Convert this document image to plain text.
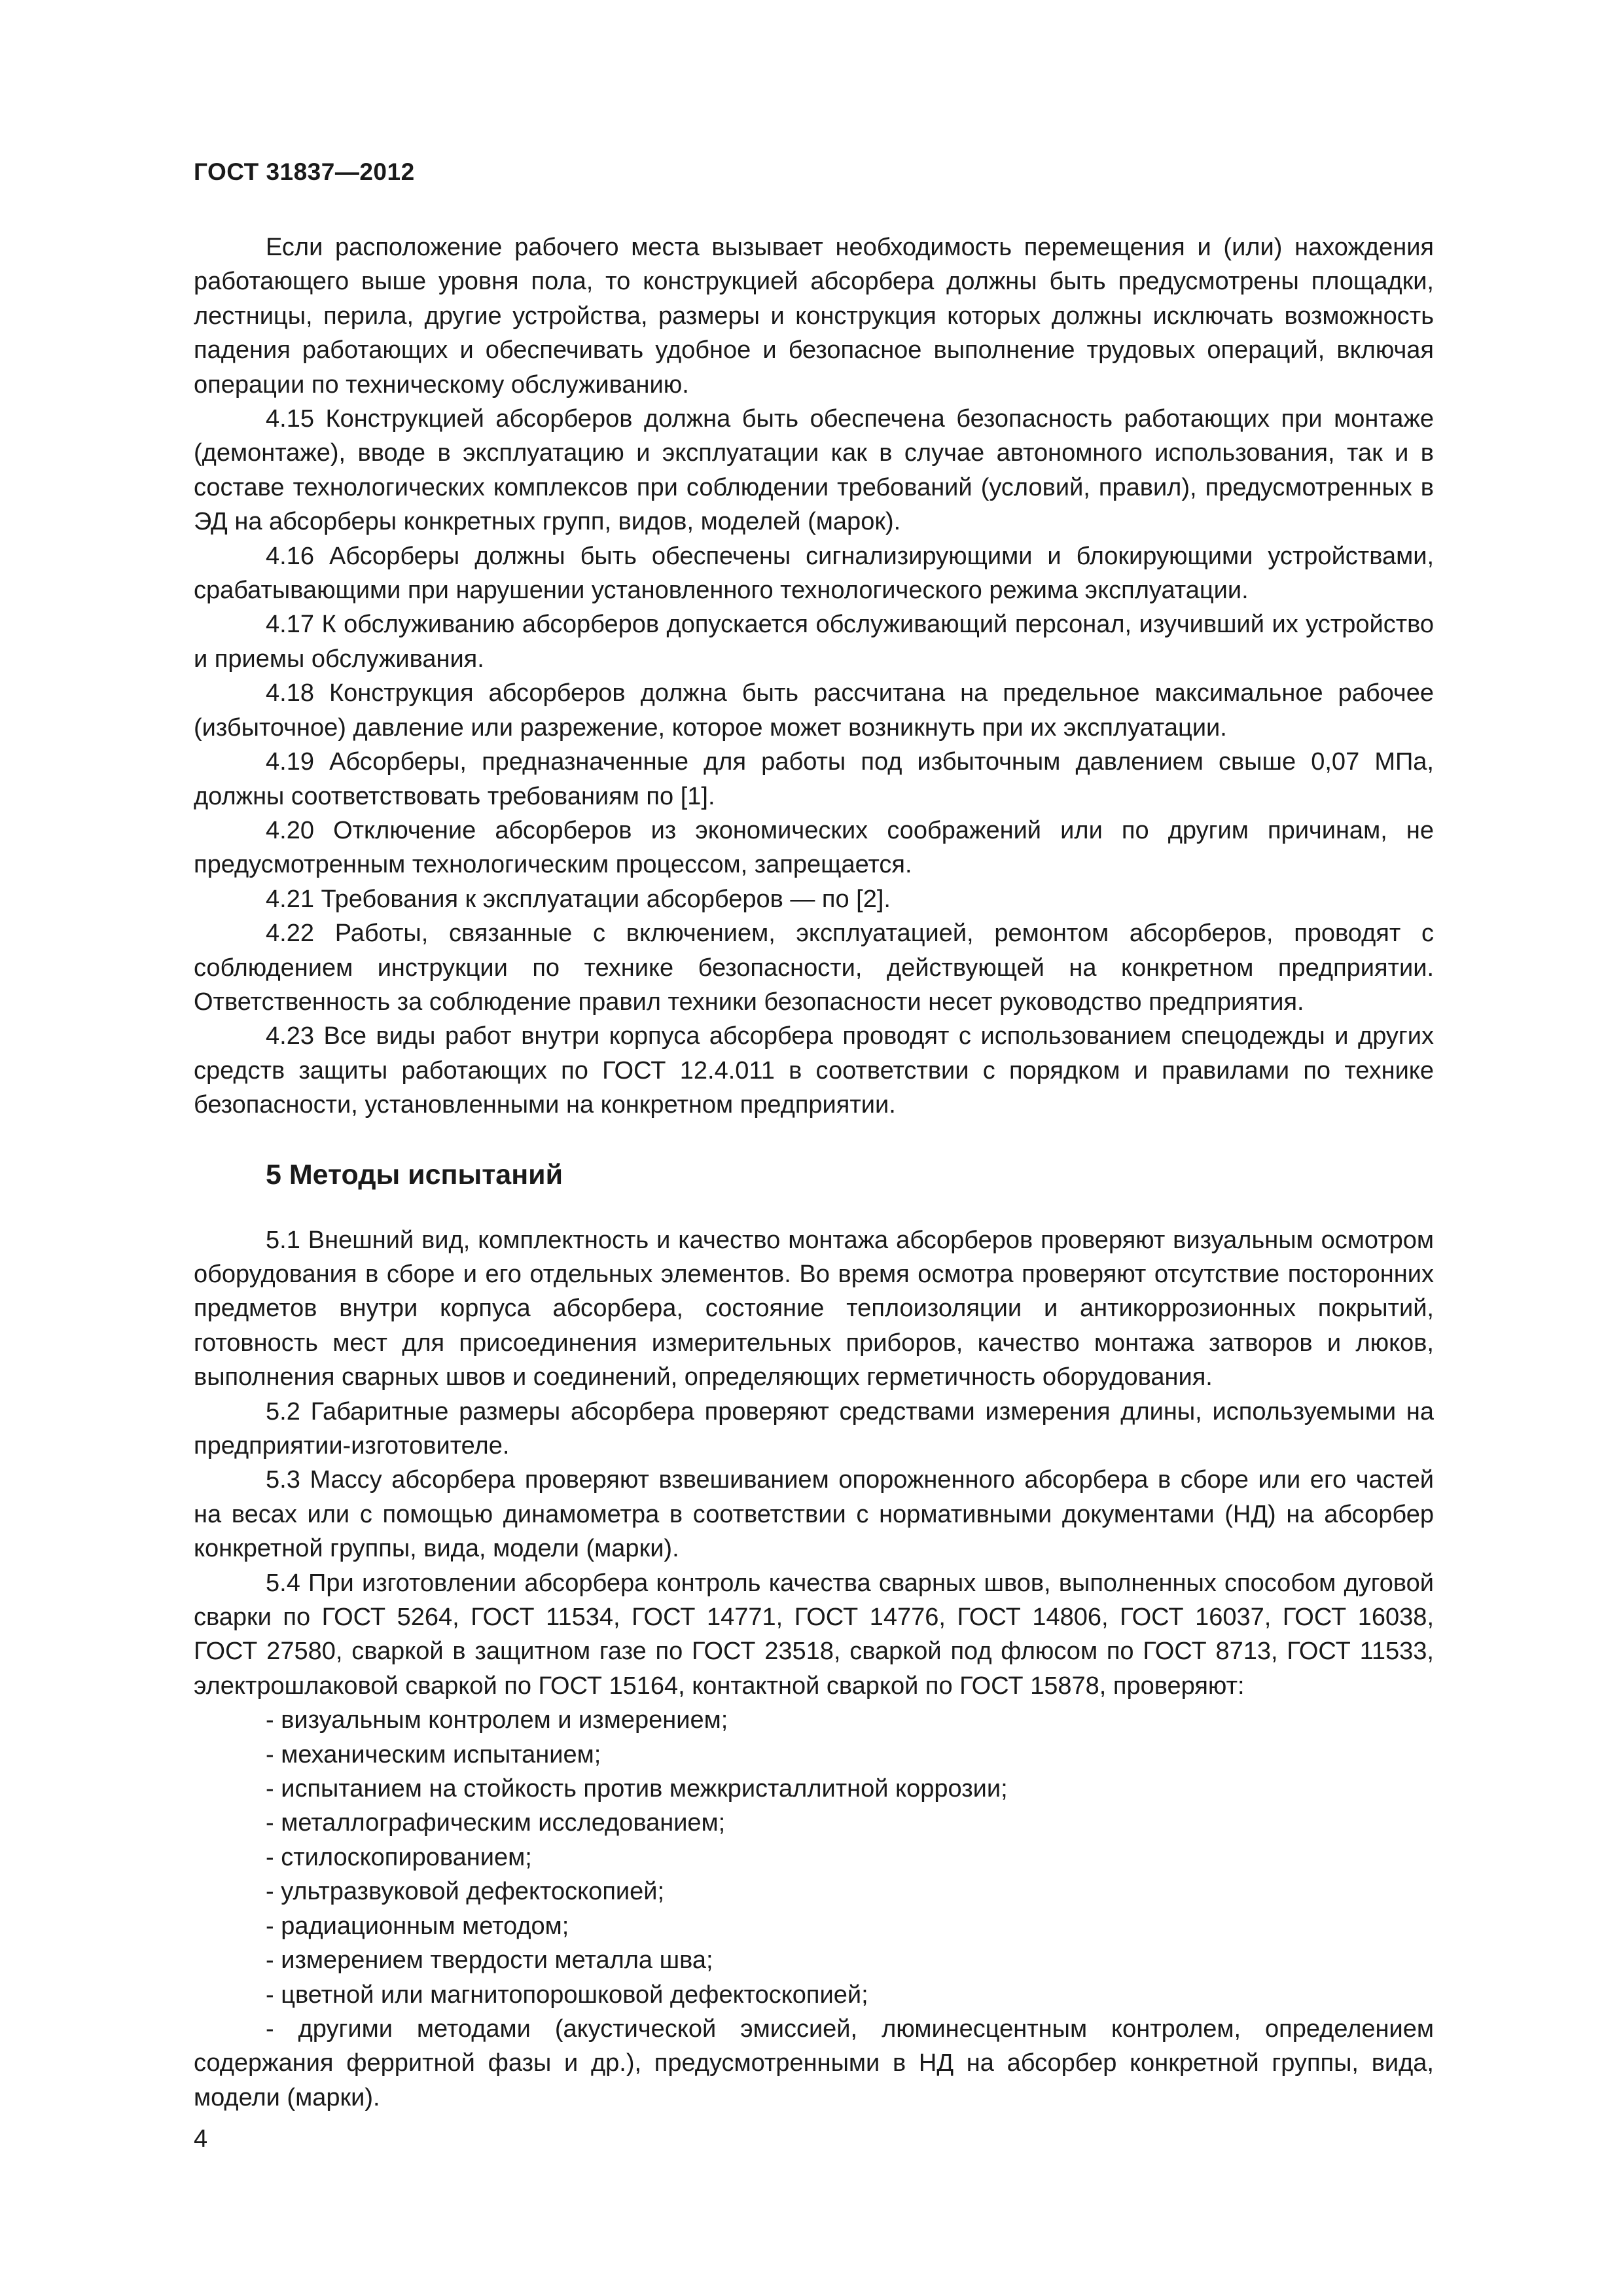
ГОСТ 31837—2012

Если расположение рабочего места вызывает необходимость перемещения и (или) нахождения работающего выше уровня пола, то конструкцией абсорбера должны быть предусмотрены площадки, лестницы, перила, другие устройства, размеры и конструкция которых должны исключать возможность падения работающих и обеспечивать удобное и безопасное выполнение трудовых операций, включая операции по техническому обслуживанию.

4.15 Конструкцией абсорберов должна быть обеспечена безопасность работающих при монтаже (демонтаже), вводе в эксплуатацию и эксплуатации как в случае автономного использования, так и в составе технологических комплексов при соблюдении требований (условий, правил), предусмотренных в ЭД на абсорберы конкретных групп, видов, моделей (марок).

4.16 Абсорберы должны быть обеспечены сигнализирующими и блокирующими устройствами, срабатывающими при нарушении установленного технологического режима эксплуатации.

4.17 К обслуживанию абсорберов допускается обслуживающий персонал, изучивший их устройство и приемы обслуживания.

4.18 Конструкция абсорберов должна быть рассчитана на предельное максимальное рабочее (избыточное) давление или разрежение, которое может возникнуть при их эксплуатации.

4.19 Абсорберы, предназначенные для работы под избыточным давлением свыше 0,07 МПа, должны соответствовать требованиям по [1].

4.20 Отключение абсорберов из экономических соображений или по другим причинам, не предусмотренным технологическим процессом, запрещается.

4.21 Требования к эксплуатации абсорберов — по [2].

4.22 Работы, связанные с включением, эксплуатацией, ремонтом абсорберов, проводят с соблюдением инструкции по технике безопасности, действующей на конкретном предприятии. Ответственность за соблюдение правил техники безопасности несет руководство предприятия.

4.23 Все виды работ внутри корпуса абсорбера проводят с использованием спецодежды и других средств защиты работающих по ГОСТ 12.4.011 в соответствии с порядком и правилами по технике безопасности, установленными на конкретном предприятии.

5 Методы испытаний

5.1 Внешний вид, комплектность и качество монтажа абсорберов проверяют визуальным осмотром оборудования в сборе и его отдельных элементов. Во время осмотра проверяют отсутствие посторонних предметов внутри корпуса абсорбера, состояние теплоизоляции и антикоррозионных покрытий, готовность мест для присоединения измерительных приборов, качество монтажа затворов и люков, выполнения сварных швов и соединений, определяющих герметичность оборудования.

5.2 Габаритные размеры абсорбера проверяют средствами измерения длины, используемыми на предприятии-изготовителе.

5.3 Массу абсорбера проверяют взвешиванием опорожненного абсорбера в сборе или его частей на весах или с помощью динамометра в соответствии с нормативными документами (НД) на абсорбер конкретной группы, вида, модели (марки).

5.4 При изготовлении абсорбера контроль качества сварных швов, выполненных способом дуговой сварки по ГОСТ 5264, ГОСТ 11534, ГОСТ 14771, ГОСТ 14776, ГОСТ 14806, ГОСТ 16037, ГОСТ 16038, ГОСТ 27580, сваркой в защитном газе по ГОСТ 23518, сваркой под флюсом по ГОСТ 8713, ГОСТ 11533, электрошлаковой сваркой по ГОСТ 15164, контактной сваркой по ГОСТ 15878, проверяют:

- визуальным контролем и измерением;
- механическим испытанием;
- испытанием на стойкость против межкристаллитной коррозии;
- металлографическим исследованием;
- стилоскопированием;
- ультразвуковой дефектоскопией;
- радиационным методом;
- измерением твердости металла шва;
- цветной или магнитопорошковой дефектоскопией;

- другими методами (акустической эмиссией, люминесцентным контролем, определением содержания ферритной фазы и др.), предусмотренными в НД на абсорбер конкретной группы, вида, модели (марки).

4
